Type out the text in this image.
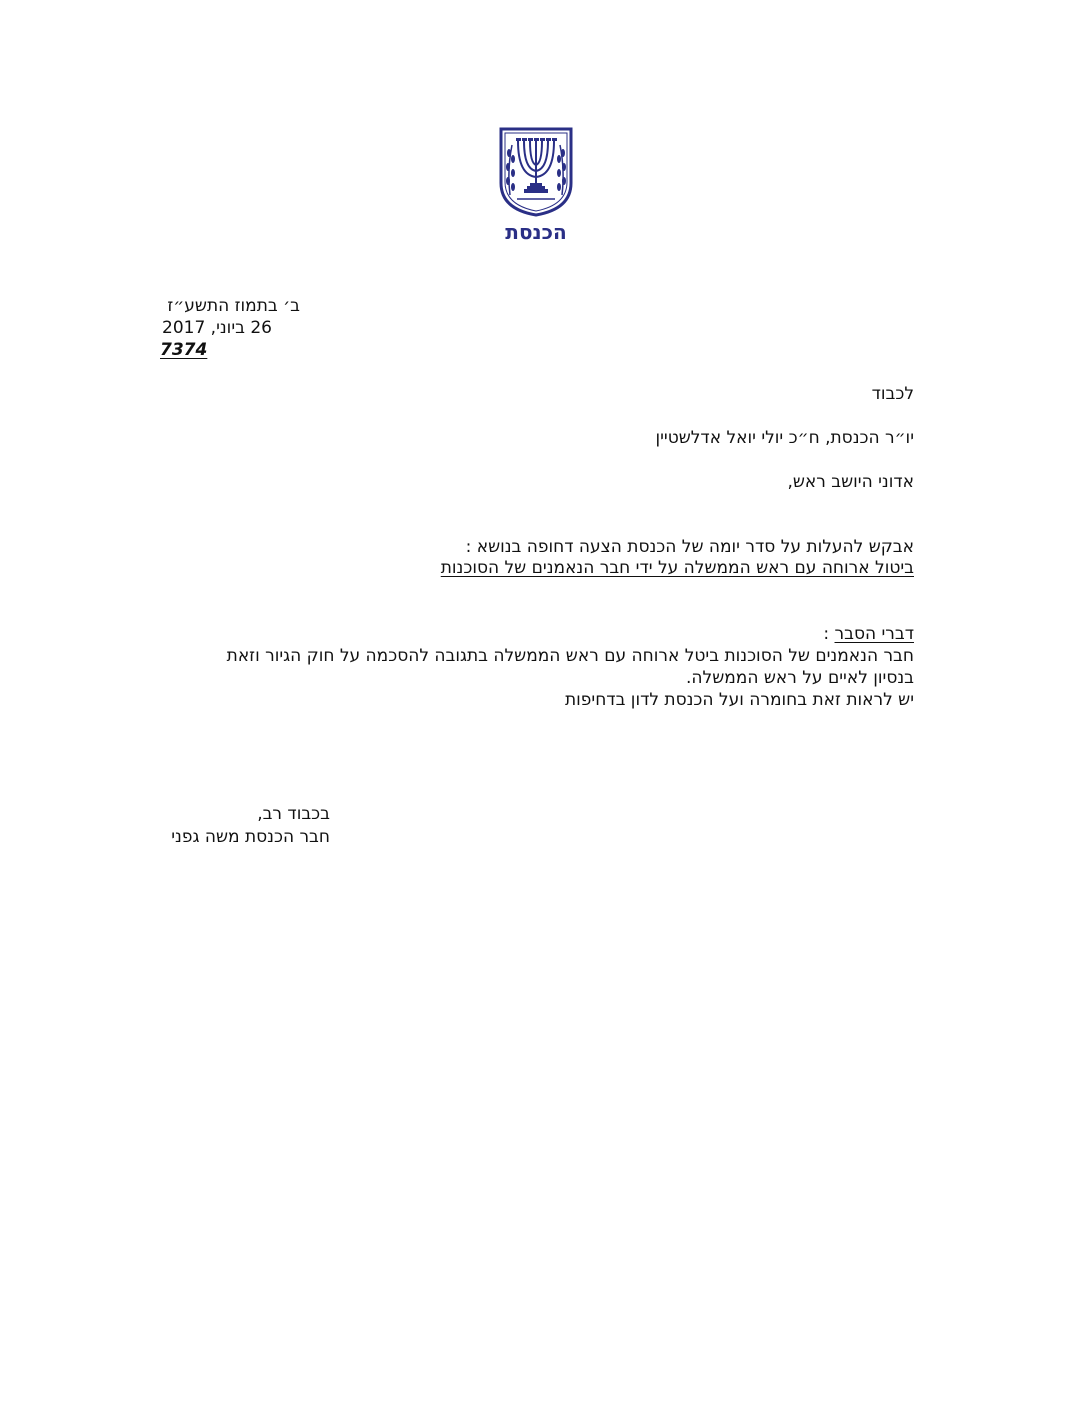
הכנסת
ב׳ בתמוז התשע״ז
26 ביוני, 2017
7374
לכבוד
יו״ר הכנסת, ח״כ יולי יואל אדלשטיין
אדוני היושב ראש,
אבקש להעלות על סדר יומה של הכנסת הצעה דחופה בנושא :
ביטול ארוחה עם ראש הממשלה על ידי חבר הנאמנים של הסוכנות
דברי הסבר :
חבר הנאמנים של הסוכנות ביטל ארוחה עם ראש הממשלה בתגובה להסכמה על חוק הגיור וזאת
בנסיון לאיים על ראש הממשלה.
יש לראות זאת בחומרה ועל הכנסת לדון בדחיפות
בכבוד רב,
חבר הכנסת משה גפני
